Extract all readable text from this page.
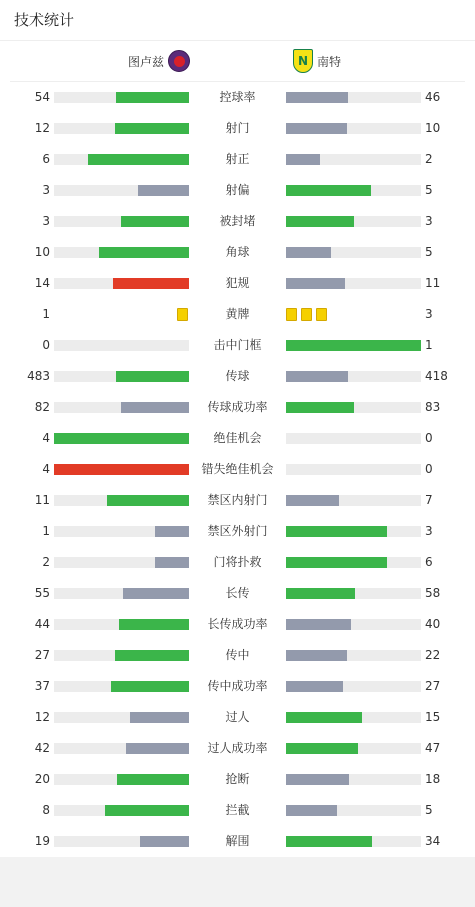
技术统计
图卢兹	N 南特
54	控球率	46
12	射门	10
6	射正	2
3	射偏	5
3	被封堵	3
10	角球	5
14	犯规	11
1	黄牌	3
0	击中门框	1
483	传球	418
82	传球成功率	83
4	绝佳机会	0
4	错失绝佳机会	0
11	禁区内射门	7
1	禁区外射门	3
2	门将扑救	6
55	长传	58
44	长传成功率	40
27	传中	22
37	传中成功率	27
12	过人	15
42	过人成功率	47
20	抢断	18
8	拦截	5
19	解围	34
